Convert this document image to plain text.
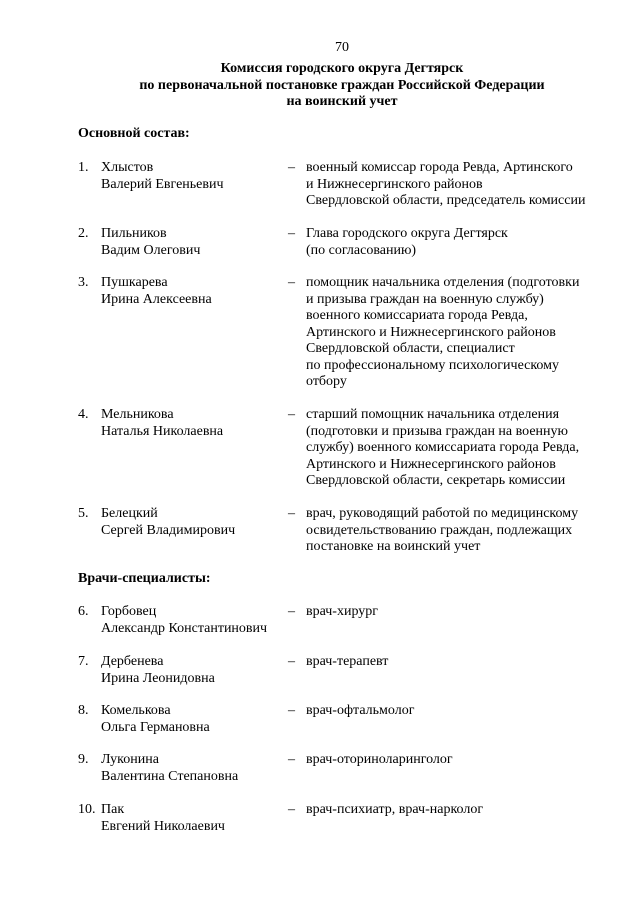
70
Комиссия городского округа Дегтярск
по первоначальной постановке граждан Российской Федерации
на воинский учет
Основной состав:
1. Хлыстов
Валерий Евгеньевич
– военный комиссар города Ревда, Артинского
и Нижнесергинского районов
Свердловской области, председатель комиссии
2. Пильников
Вадим Олегович
– Глава городского округа Дегтярск
(по согласованию)
3. Пушкарева
Ирина Алексеевна
– помощник начальника отделения (подготовки
и призыва граждан на военную службу)
военного комиссариата города Ревда,
Артинского и Нижнесергинского районов
Свердловской области, специалист
по профессиональному психологическому
отбору
4. Мельникова
Наталья Николаевна
– старший помощник начальника отделения
(подготовки и призыва граждан на военную
службу) военного комиссариата города Ревда,
Артинского и Нижнесергинского районов
Свердловской области, секретарь комиссии
5. Белецкий
Сергей Владимирович
– врач, руководящий работой по медицинскому
освидетельствованию граждан, подлежащих
постановке на воинский учет
Врачи-специалисты:
6. Горбовец
Александр Константинович
– врач-хирург
7. Дербенева
Ирина Леонидовна
– врач-терапевт
8. Комелькова
Ольга Германовна
– врач-офтальмолог
9. Луконина
Валентина Степановна
– врач-оториноларинголог
10. Пак
Евгений Николаевич
– врач-психиатр, врач-нарколог
